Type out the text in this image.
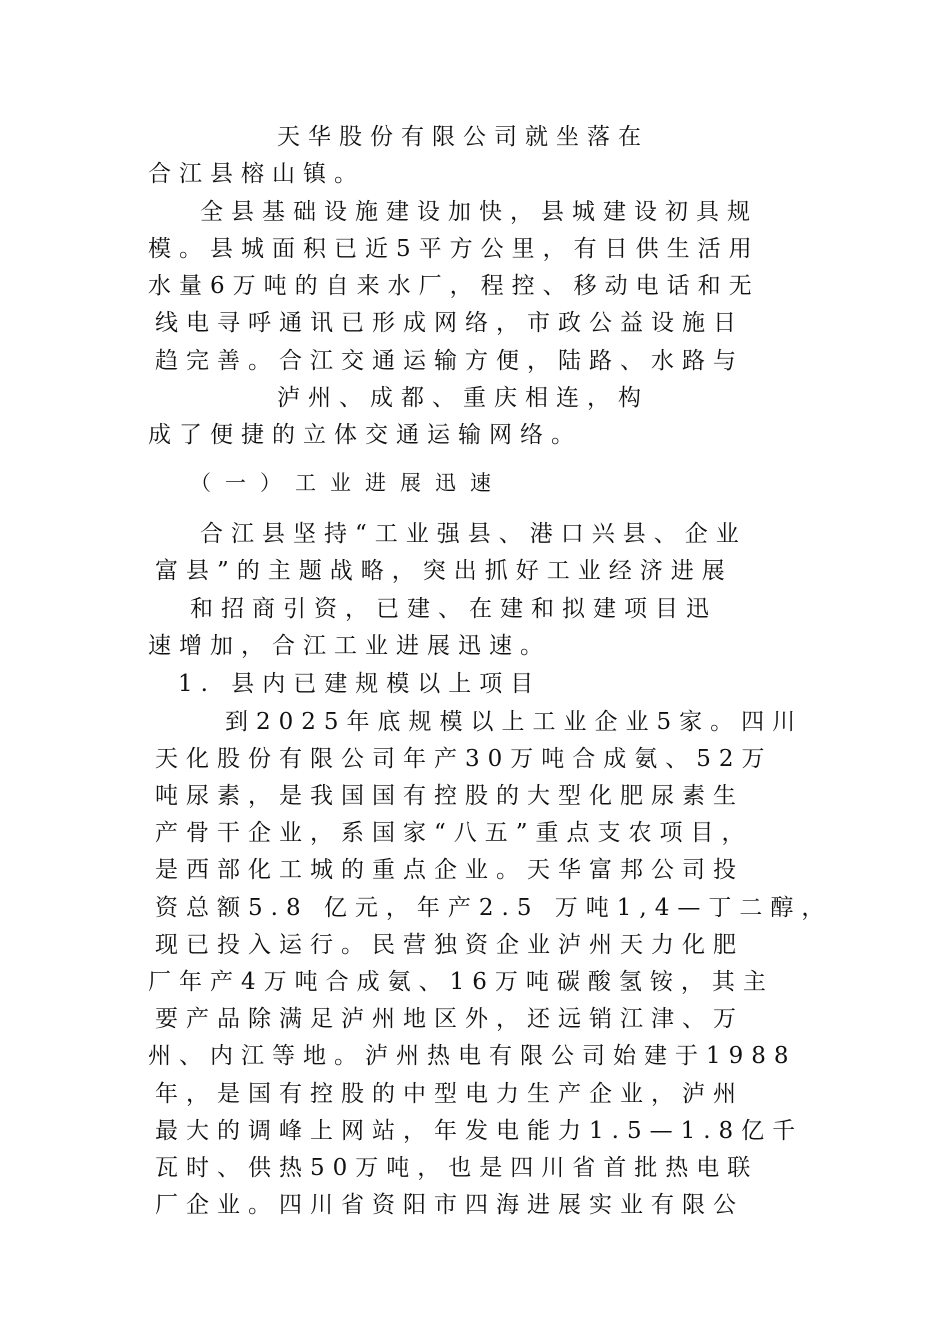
天华股份有限公司就坐落在
合江县榕山镇。
全县基础设施建设加快，县城建设初具规
模。县城面积已近5平方公里，有日供生活用
水量6万吨的自来水厂，程控、移动电话和无
线电寻呼通讯已形成网络，市政公益设施日
趋完善。合江交通运输方便，陆路、水路与
泸州、成都、重庆相连，构
成了便捷的立体交通运输网络。
（一）工业进展迅速
合江县坚持“工业强县、港口兴县、企业
富县”的主题战略，突出抓好工业经济进展
和招商引资，已建、在建和拟建项目迅
速增加，合江工业进展迅速。
1. 县内已建规模以上项目
到2025年底规模以上工业企业5家。四川
天化股份有限公司年产30万吨合成氨、52万
吨尿素，是我国国有控股的大型化肥尿素生
产骨干企业，系国家“八五”重点支农项目，
是西部化工城的重点企业。天华富邦公司投
资总额5.8 亿元，年产2.5 万吨1,4—丁二醇，
现已投入运行。民营独资企业泸州天力化肥
厂年产4万吨合成氨、16万吨碳酸氢铵，其主
要产品除满足泸州地区外，还远销江津、万
州、内江等地。泸州热电有限公司始建于1988
年，是国有控股的中型电力生产企业，泸州
最大的调峰上网站，年发电能力1.5—1.8亿千
瓦时、供热50万吨，也是四川省首批热电联
厂企业。四川省资阳市四海进展实业有限公
